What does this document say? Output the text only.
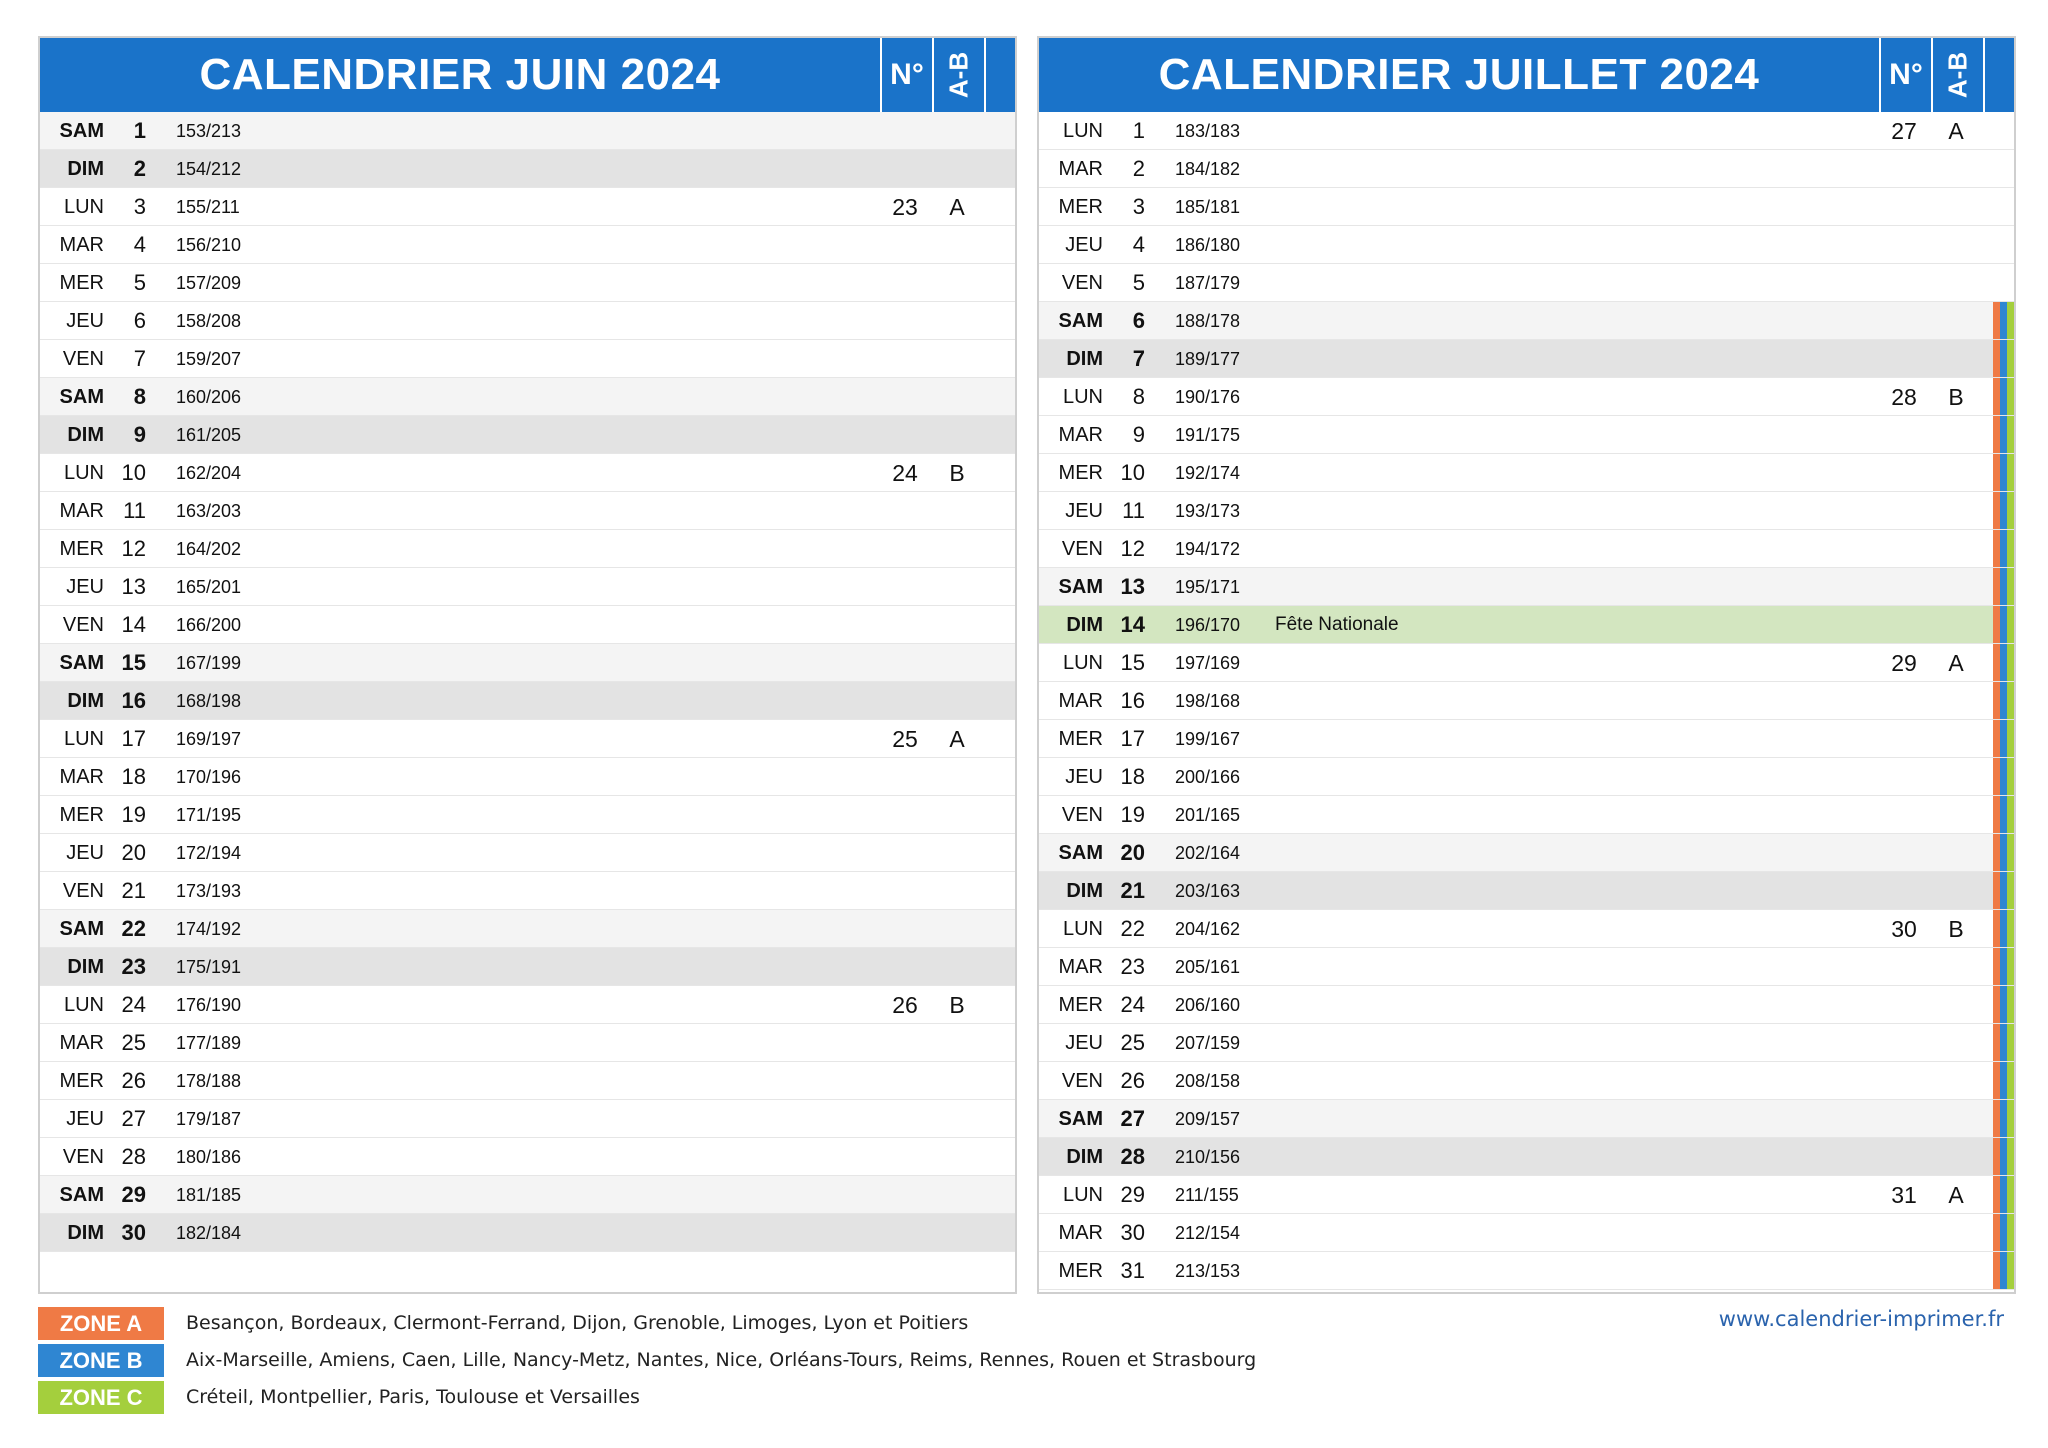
CALENDRIER JUIN 2024	N° A-B
SAM	1 153/213
DIM	2 154/212
LUN	3 155/211	23	A
MAR	4 156/210
MER	5 157/209
JEU	6 158/208
VEN	7 159/207
SAM	8 160/206
DIM	9 161/205
LUN 10 162/204	24	B
MAR 11 163/203
MER 12 164/202
JEU 13 165/201
VEN 14 166/200
SAM 15 167/199
DIM 16 168/198
LUN 17 169/197	25	A
MAR 18 170/196
MER 19 171/195
JEU 20 172/194
VEN 21 173/193
SAM 22 174/192
DIM 23 175/191
LUN 24 176/190	26	B
MAR 25 177/189
MER 26 178/188
JEU 27 179/187
VEN 28 180/186
SAM 29 181/185
DIM 30 182/184
CALENDRIER JUILLET 2024	N° A-B
LUN	1 183/183	27	A
MAR	2 184/182
MER	3 185/181
JEU	4 186/180
VEN	5 187/179
SAM	6 188/178
DIM	7 189/177
LUN	8 190/176	28	B
MAR	9 191/175
MER 10 192/174
JEU 11 193/173
VEN 12 194/172
SAM 13 195/171
DIM 14 196/170 Fête Nationale
LUN 15 197/169	29	A
MAR 16 198/168
MER 17 199/167
JEU 18 200/166
VEN 19 201/165
SAM 20 202/164
DIM 21 203/163
LUN 22 204/162	30	B
MAR 23 205/161
MER 24 206/160
JEU 25 207/159
VEN 26 208/158
SAM 27 209/157
DIM 28 210/156
LUN 29 211/155	31	A
MAR 30 212/154
MER 31 213/153
ZONE A	Besançon, Bordeaux, Clermont-Ferrand, Dijon, Grenoble, Limoges, Lyon et Poitiers
ZONE B	Aix-Marseille, Amiens, Caen, Lille, Nancy-Metz, Nantes, Nice, Orléans-Tours, Reims, Rennes, Rouen et Strasbourg
ZONE C	Créteil, Montpellier, Paris, Toulouse et Versailles
www.calendrier-imprimer.fr
